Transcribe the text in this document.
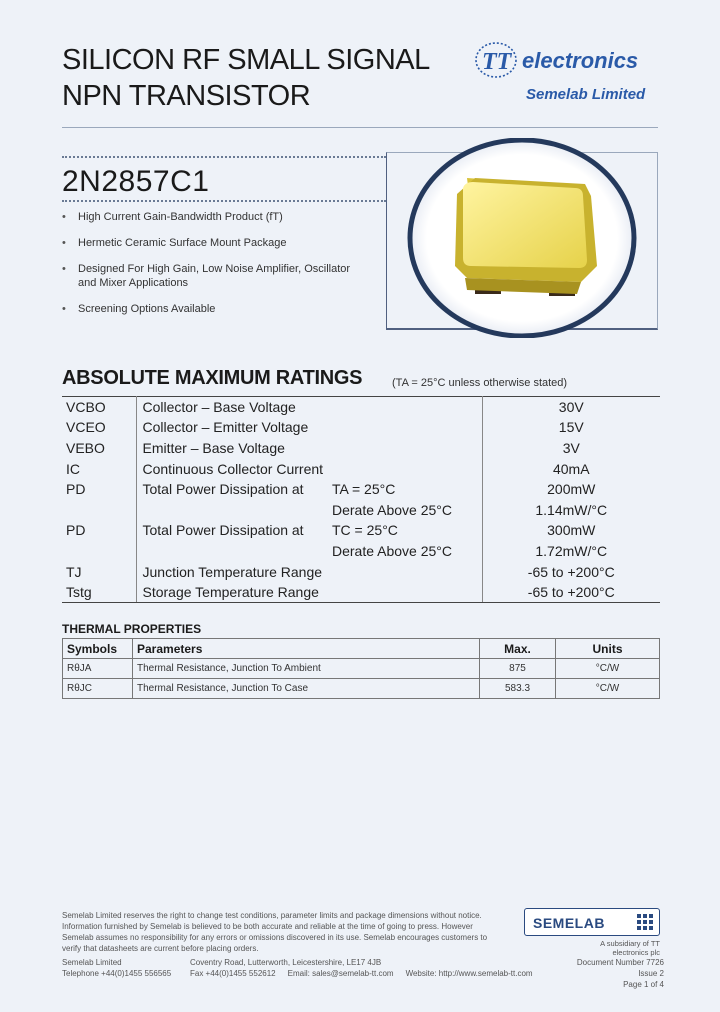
SILICON RF SMALL SIGNAL
NPN TRANSISTOR
TT electronics
Semelab Limited
2N2857C1
•	High Current Gain-Bandwidth Product (fT)
•	Hermetic Ceramic Surface Mount Package
•	Designed For High Gain, Low Noise Amplifier, Oscillator and Mixer Applications
•	Screening Options Available
ABSOLUTE MAXIMUM RATINGS	(TA = 25°C unless otherwise stated)
VCBO	Collector – Base Voltage		30V
VCEO	Collector – Emitter Voltage		15V
VEBO	Emitter – Base Voltage		3V
IC	Continuous Collector Current		40mA
PD	Total Power Dissipation at	TA = 25°C	200mW
		Derate Above 25°C	1.14mW/°C
PD	Total Power Dissipation at	TC = 25°C	300mW
		Derate Above 25°C	1.72mW/°C
TJ	Junction Temperature Range		-65 to +200°C
Tstg	Storage Temperature Range		-65 to +200°C
THERMAL PROPERTIES
Symbols	Parameters	Max.	Units
RθJA	Thermal Resistance, Junction To Ambient	875	°C/W
RθJC	Thermal Resistance, Junction To Case	583.3	°C/W
Semelab Limited reserves the right to change test conditions, parameter limits and package dimensions without notice. Information furnished by Semelab is believed to be both accurate and reliable at the time of going to press. However Semelab assumes no responsibility for any errors or omissions discovered in its use. Semelab encourages customers to verify that datasheets are current before placing orders.
SEMELAB
A subsidiary of TT electronics plc
Semelab Limited
Telephone +44(0)1455 556565
Coventry Road, Lutterworth, Leicestershire, LE17 4JB
Fax +44(0)1455 552612 Email: sales@semelab-tt.com Website: http://www.semelab-tt.com
Document Number 7726
Issue 2
Page 1 of 4
